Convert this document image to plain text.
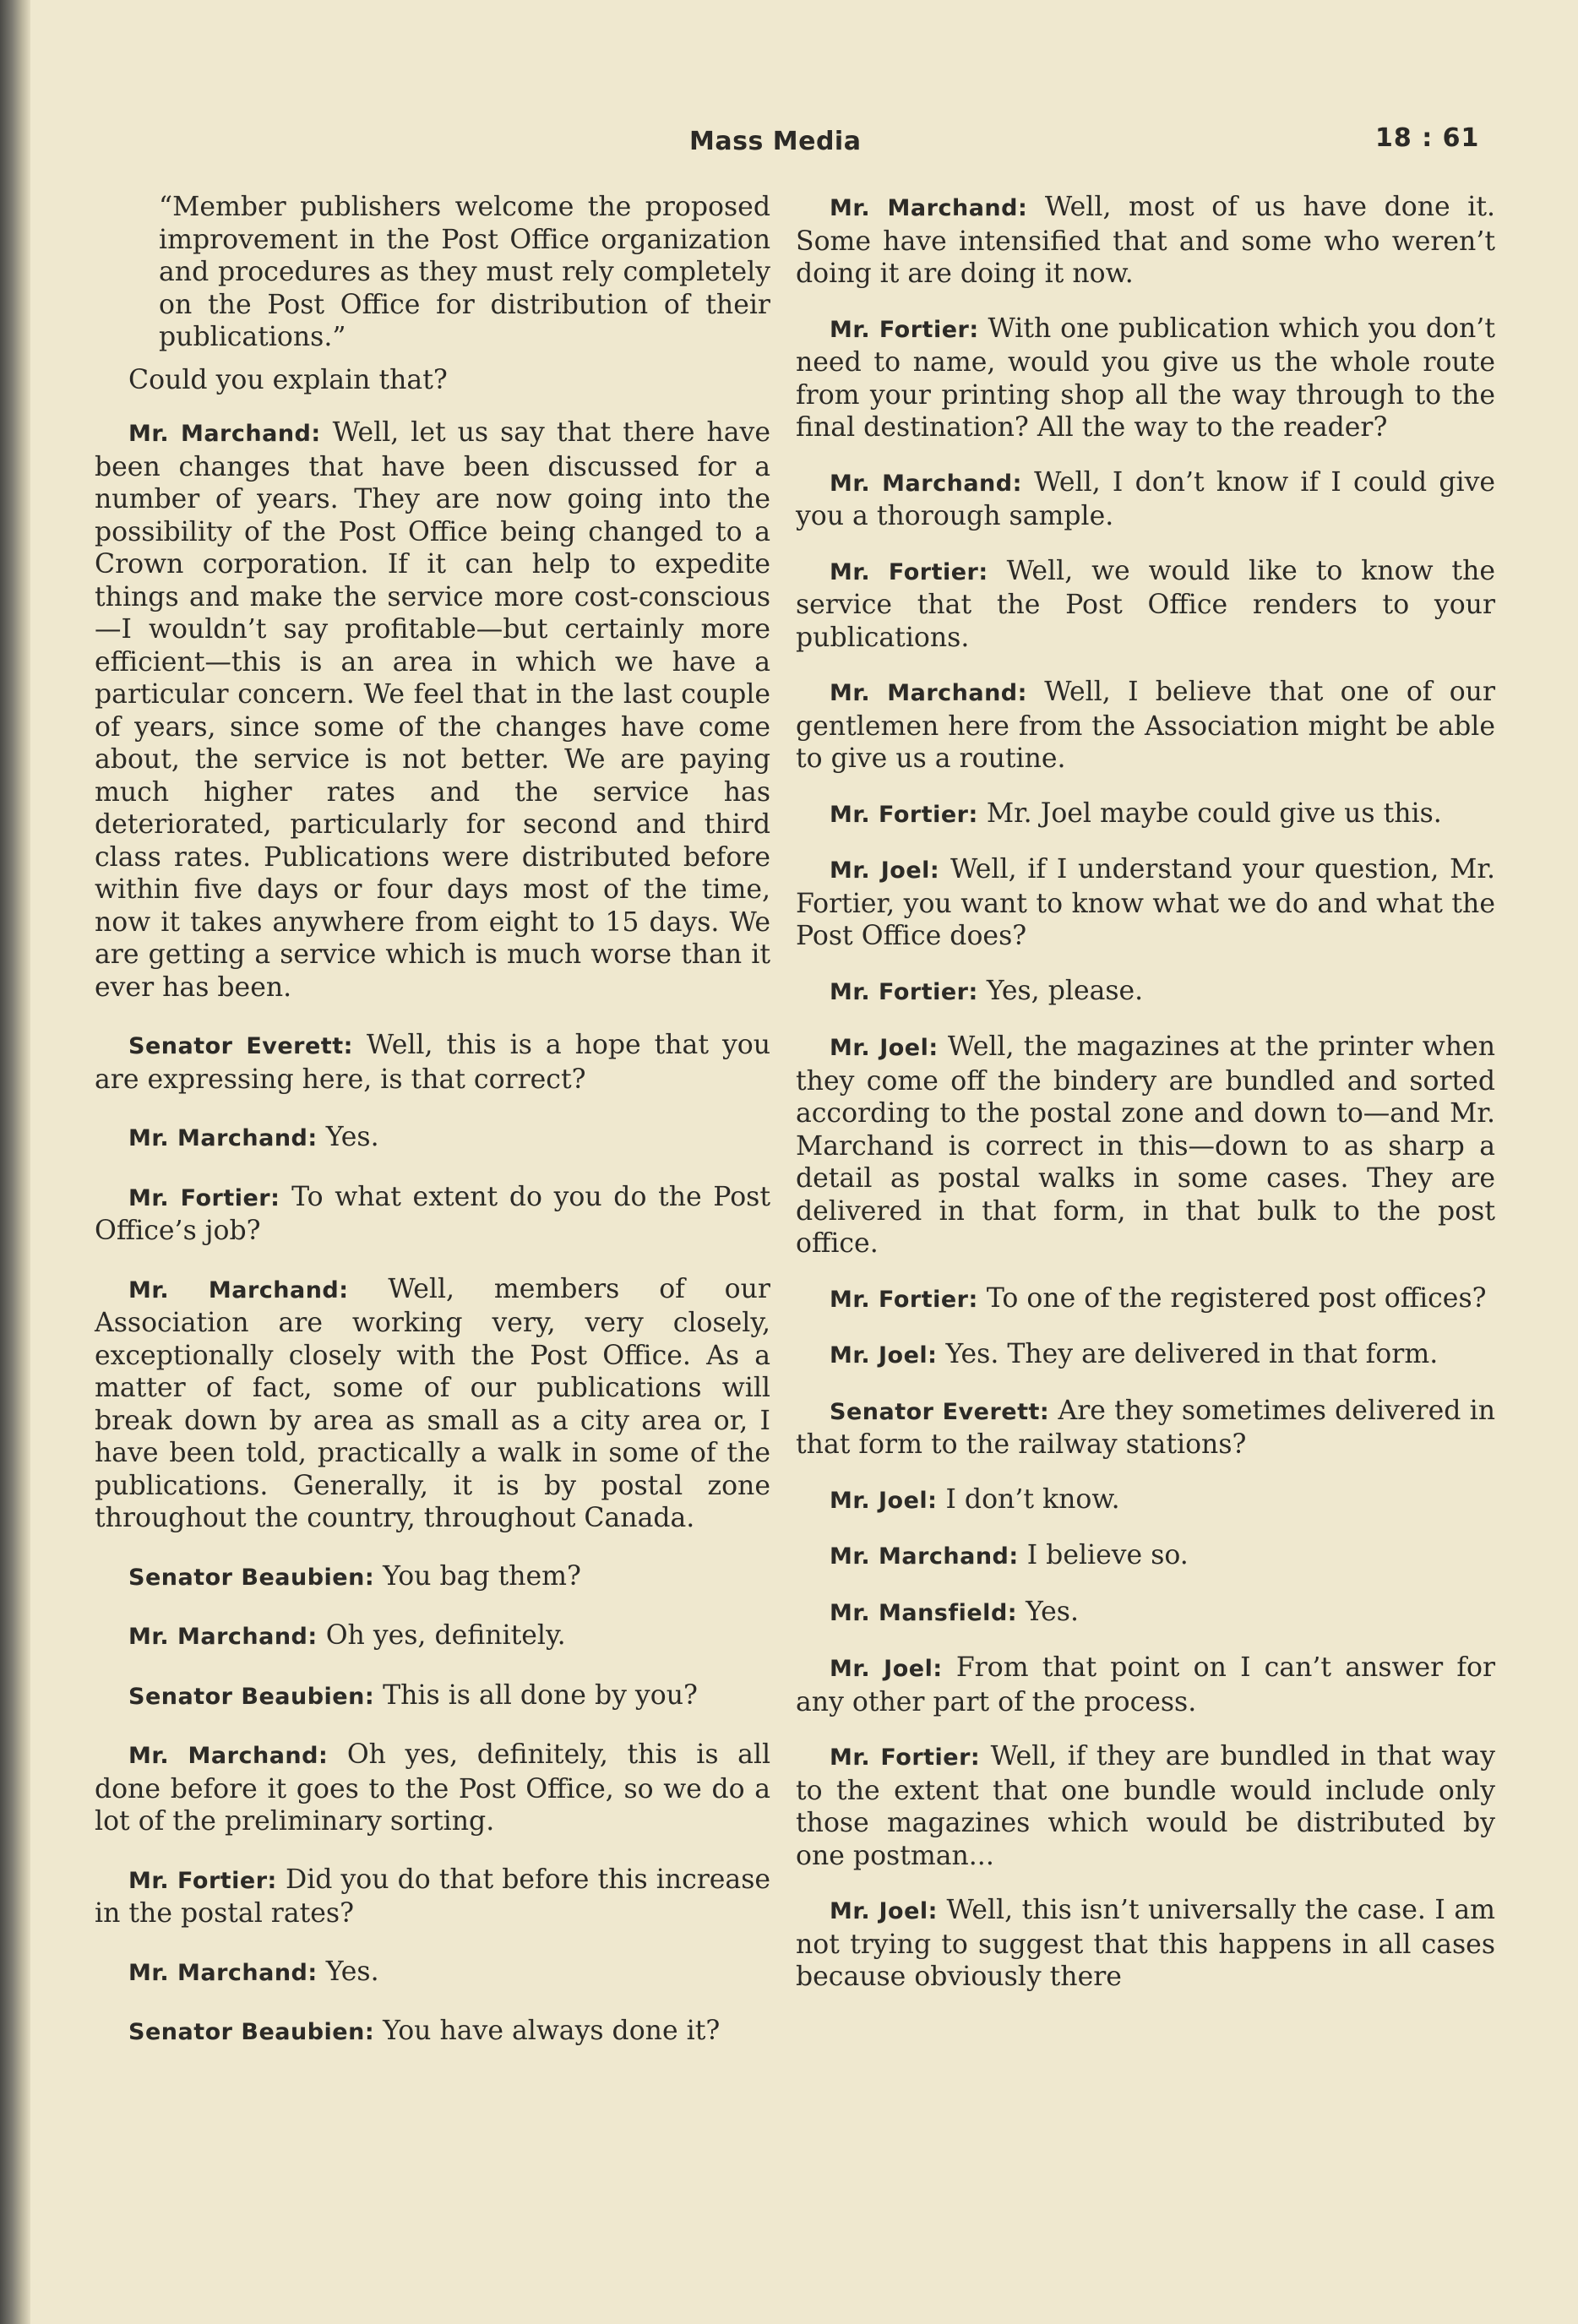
Mass Media	18 : 61
“Member publishers welcome the proposed improvement in the Post Office organization and procedures as they must rely completely on the Post Office for distribution of their publications.”
Could you explain that?
Mr. Marchand: Well, let us say that there have been changes that have been discussed for a number of years. They are now going into the possibility of the Post Office being changed to a Crown corporation. If it can help to expedite things and make the service more cost-conscious—I wouldn’t say profitable—but certainly more efficient—this is an area in which we have a particular concern. We feel that in the last couple of years, since some of the changes have come about, the service is not better. We are paying much higher rates and the service has deteriorated, particularly for second and third class rates. Publications were distributed before within five days or four days most of the time, now it takes anywhere from eight to 15 days. We are getting a service which is much worse than it ever has been.
Senator Everett: Well, this is a hope that you are expressing here, is that correct?
Mr. Marchand: Yes.
Mr. Fortier: To what extent do you do the Post Office’s job?
Mr. Marchand: Well, members of our Association are working very, very closely, exceptionally closely with the Post Office. As a matter of fact, some of our publications will break down by area as small as a city area or, I have been told, practically a walk in some of the publications. Generally, it is by postal zone throughout the country, throughout Canada.
Senator Beaubien: You bag them?
Mr. Marchand: Oh yes, definitely.
Senator Beaubien: This is all done by you?
Mr. Marchand: Oh yes, definitely, this is all done before it goes to the Post Office, so we do a lot of the preliminary sorting.
Mr. Fortier: Did you do that before this increase in the postal rates?
Mr. Marchand: Yes.
Senator Beaubien: You have always done it?
Mr. Marchand: Well, most of us have done it. Some have intensified that and some who weren’t doing it are doing it now.
Mr. Fortier: With one publication which you don’t need to name, would you give us the whole route from your printing shop all the way through to the final destination? All the way to the reader?
Mr. Marchand: Well, I don’t know if I could give you a thorough sample.
Mr. Fortier: Well, we would like to know the service that the Post Office renders to your publications.
Mr. Marchand: Well, I believe that one of our gentlemen here from the Association might be able to give us a routine.
Mr. Fortier: Mr. Joel maybe could give us this.
Mr. Joel: Well, if I understand your question, Mr. Fortier, you want to know what we do and what the Post Office does?
Mr. Fortier: Yes, please.
Mr. Joel: Well, the magazines at the printer when they come off the bindery are bundled and sorted according to the postal zone and down to—and Mr. Marchand is correct in this—down to as sharp a detail as postal walks in some cases. They are delivered in that form, in that bulk to the post office.
Mr. Fortier: To one of the registered post offices?
Mr. Joel: Yes. They are delivered in that form.
Senator Everett: Are they sometimes delivered in that form to the railway stations?
Mr. Joel: I don’t know.
Mr. Marchand: I believe so.
Mr. Mansfield: Yes.
Mr. Joel: From that point on I can’t answer for any other part of the process.
Mr. Fortier: Well, if they are bundled in that way to the extent that one bundle would include only those magazines which would be distributed by one postman...
Mr. Joel: Well, this isn’t universally the case. I am not trying to suggest that this happens in all cases because obviously there
